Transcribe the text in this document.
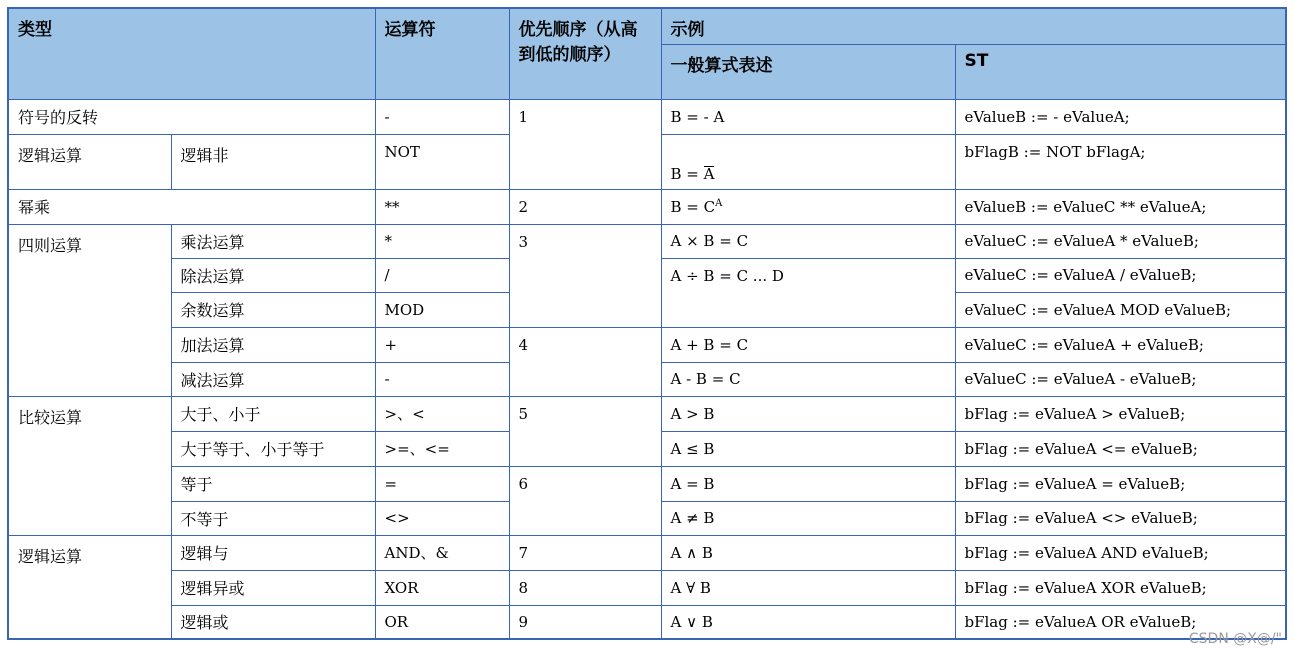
类型		运算符	优先顺序（从高到低的顺序）	示例	
				一般算式表述	ST
符号的反转		-	1	B = - A	eValueB := - eValueA;
逻辑运算	逻辑非	NOT		B = A	bFlagB := NOT bFlagA;
幂乘		**	2	$B = C^A$	eValueB := eValueC ** eValueA;
四则运算	乘法运算	*	3	A × B = C	eValueC := eValueA * eValueB;
	除法运算	/		A ÷ B = C ... D	eValueC := eValueA / eValueB;
	余数运算	MOD			eValueC := eValueA MOD eValueB;
	加法运算	+	4	A + B = C	eValueC := eValueA + eValueB;
	减法运算	-		A - B = C	eValueC := eValueA - eValueB;
比较运算	大于、小于	>、<	5	A > B	bFlag := eValueA > eValueB;
	大于等于、小于等于	>=、<=		A ≤ B	bFlag := eValueA <= eValueB;
	等于	=	6	A = B	bFlag := eValueA = eValueB;
	不等于	<>		A ≠ B	bFlag := eValueA <> eValueB;
逻辑运算	逻辑与	AND、&	7	A ∧ B	bFlag := eValueA AND eValueB;
	逻辑异或	XOR	8	A ∀ B	bFlag := eValueA XOR eValueB;
	逻辑或	OR	9	A ∨ B	bFlag := eValueA OR eValueB;
CSDN @X@/"
